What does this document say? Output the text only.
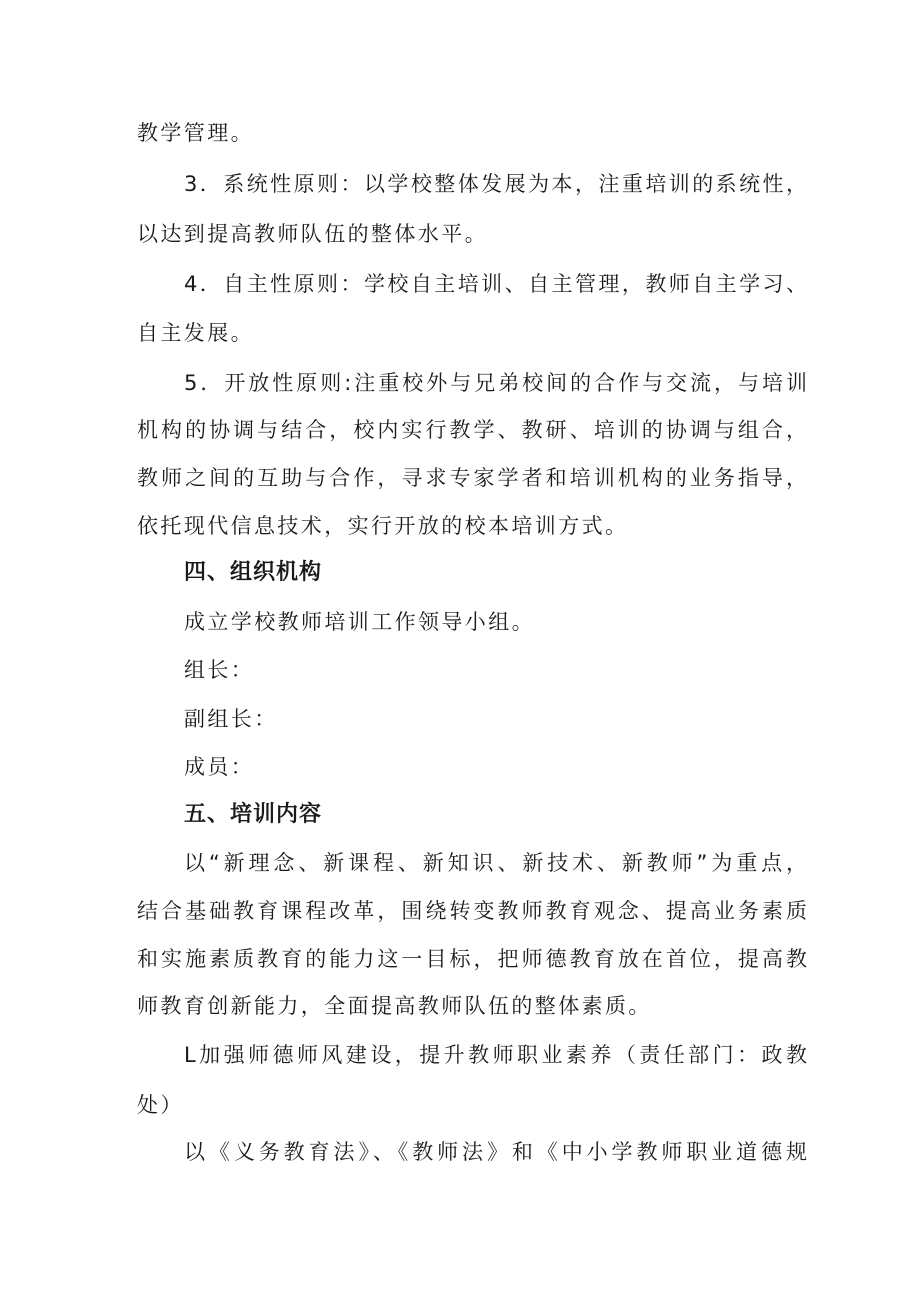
教学管理。
3．系统性原则：以学校整体发展为本，注重培训的系统性，
以达到提高教师队伍的整体水平。
4．自主性原则：学校自主培训、自主管理，教师自主学习、
自主发展。
5．开放性原则:注重校外与兄弟校间的合作与交流，与培训
机构的协调与结合，校内实行教学、教研、培训的协调与组合，
教师之间的互助与合作，寻求专家学者和培训机构的业务指导，
依托现代信息技术，实行开放的校本培训方式。
四、组织机构
成立学校教师培训工作领导小组。
组长：
副组长：
成员：
五、培训内容
以“新理念、新课程、新知识、新技术、新教师”为重点，
结合基础教育课程改革，围绕转变教师教育观念、提高业务素质
和实施素质教育的能力这一目标，把师德教育放在首位，提高教
师教育创新能力，全面提高教师队伍的整体素质。
L加强师德师风建设，提升教师职业素养（责任部门：政教
处）
以《义务教育法》、《教师法》和《中小学教师职业道德规
